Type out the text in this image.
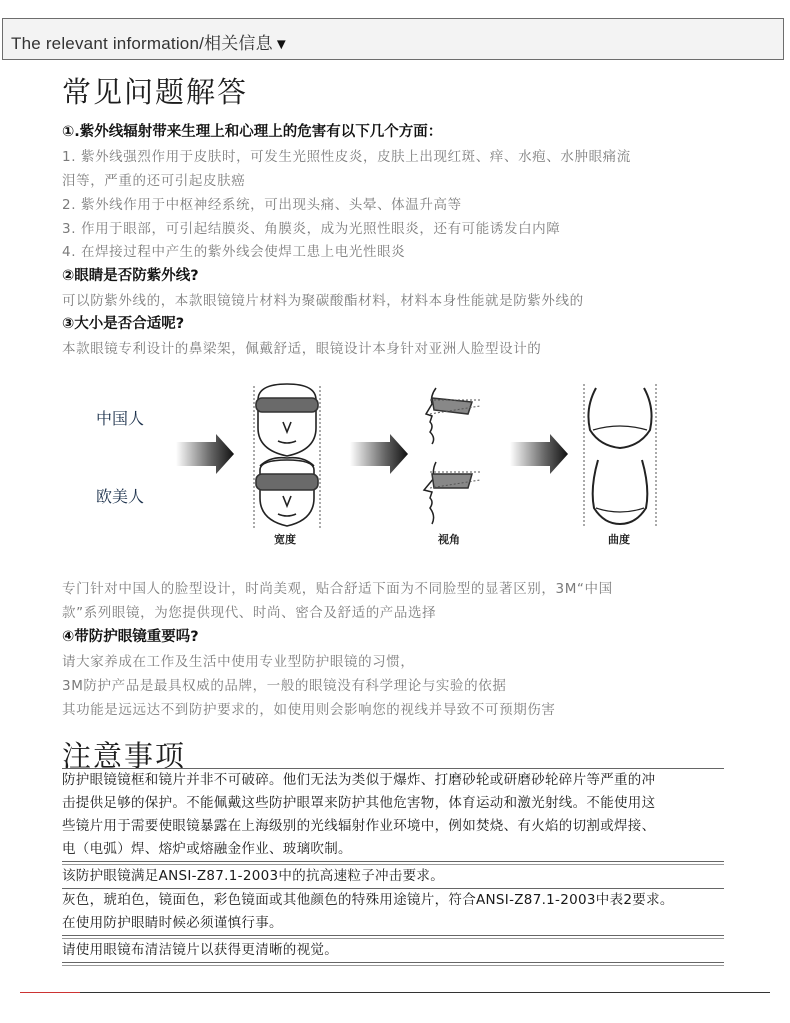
The relevant information/相关信息▼
常见问题解答
①.紫外线辐射带来生理上和心理上的危害有以下几个方面：
1. 紫外线强烈作用于皮肤时，可发生光照性皮炎，皮肤上出现红斑、痒、水疱、水肿眼痛流
泪等，严重的还可引起皮肤癌
2. 紫外线作用于中枢神经系统，可出现头痛、头晕、体温升高等
3. 作用于眼部，可引起结膜炎、角膜炎，成为光照性眼炎，还有可能诱发白内障
4. 在焊接过程中产生的紫外线会使焊工患上电光性眼炎
②眼睛是否防紫外线?
可以防紫外线的，本款眼镜镜片材料为聚碳酸酯材料，材料本身性能就是防紫外线的
③大小是否合适呢?
本款眼镜专利设计的鼻梁架，佩戴舒适，眼镜设计本身针对亚洲人脸型设计的
中国人
欧美人
宽度	视角	曲度
专门针对中国人的脸型设计，时尚美观，贴合舒适下面为不同脸型的显著区别，3M“中国
款”系列眼镜，为您提供现代、时尚、密合及舒适的产品选择
④带防护眼镜重要吗?
请大家养成在工作及生活中使用专业型防护眼镜的习惯，
3M防护产品是最具权威的品牌，一般的眼镜没有科学理论与实验的依据
其功能是远远达不到防护要求的，如使用则会影响您的视线并导致不可预期伤害
注意事项
防护眼镜镜框和镜片并非不可破碎。他们无法为类似于爆炸、打磨砂轮或研磨砂轮碎片等严重的冲
击提供足够的保护。不能佩戴这些防护眼罩来防护其他危害物，体育运动和激光射线。不能使用这
些镜片用于需要使眼镜暴露在上海级别的光线辐射作业环境中，例如焚烧、有火焰的切割或焊接、
电（电弧）焊、熔炉或熔融金作业、玻璃吹制。
该防护眼镜满足ANSI-Z87.1-2003中的抗高速粒子冲击要求。
灰色，琥珀色，镜面色，彩色镜面或其他颜色的特殊用途镜片，符合ANSI-Z87.1-2003中表2要求。
在使用防护眼睛时候必须谨慎行事。
请使用眼镜布清洁镜片以获得更清晰的视觉。
